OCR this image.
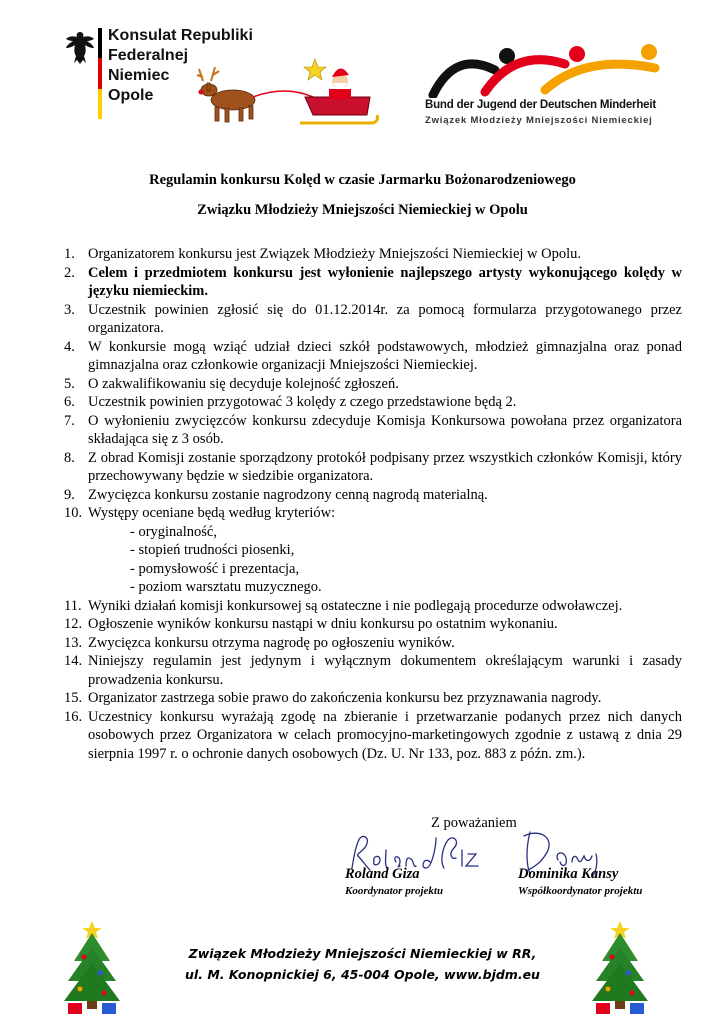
Konsulat Republiki Federalnej
Niemiec
Opole
Bund der Jugend der Deutschen Minderheit
Związek Młodzieży Mniejszości Niemieckiej
Regulamin konkursu Kolęd w czasie Jarmarku Bożonarodzeniowego
Związku Młodzieży Mniejszości Niemieckiej w Opolu
1. Organizatorem konkursu jest Związek Młodzieży Mniejszości Niemieckiej w Opolu.
2. Celem i przedmiotem konkursu jest wyłonienie najlepszego artysty wykonującego kolędy w języku niemieckim.
3. Uczestnik powinien zgłosić się do 01.12.2014r. za pomocą formularza przygotowanego przez organizatora.
4. W konkursie mogą wziąć udział dzieci szkół podstawowych, młodzież gimnazjalna oraz ponad gimnazjalna oraz członkowie organizacji Mniejszości Niemieckiej.
5. O zakwalifikowaniu się decyduje kolejność zgłoszeń.
6. Uczestnik powinien przygotować 3 kolędy z czego przedstawione będą 2.
7. O wyłonieniu zwycięzców konkursu zdecyduje Komisja Konkursowa powołana przez organizatora składająca się z 3 osób.
8. Z obrad Komisji zostanie sporządzony protokół podpisany przez wszystkich członków Komisji, który przechowywany będzie w siedzibie organizatora.
9. Zwycięzca konkursu zostanie nagrodzony cenną nagrodą materialną.
10. Występy oceniane będą według kryteriów:
- oryginalność,
- stopień trudności piosenki,
- pomysłowość i prezentacja,
- poziom warsztatu muzycznego.
11. Wyniki działań komisji konkursowej są ostateczne i nie podlegają procedurze odwoławczej.
12. Ogłoszenie wyników konkursu nastąpi w dniu konkursu po ostatnim wykonaniu.
13. Zwycięzca konkursu otrzyma nagrodę po ogłoszeniu wyników.
14. Niniejszy regulamin jest jedynym i wyłącznym dokumentem określającym warunki i zasady prowadzenia konkursu.
15. Organizator zastrzega sobie prawo do zakończenia konkursu bez przyznawania nagrody.
16. Uczestnicy konkursu wyrażają zgodę na zbieranie i przetwarzanie podanych przez nich danych osobowych przez Organizatora w celach promocyjno-marketingowych zgodnie z ustawą z dnia 29 sierpnia 1997 r. o ochronie danych osobowych (Dz. U. Nr 133, poz. 883 z późn. zm.).
Z poważaniem
Roland Giza	Dominika Kansy
Koordynator projektu	Współkoordynator projektu
Związek Młodzieży Mniejszości Niemieckiej w RR,
ul. M. Konopnickiej 6, 45-004 Opole, www.bjdm.eu
